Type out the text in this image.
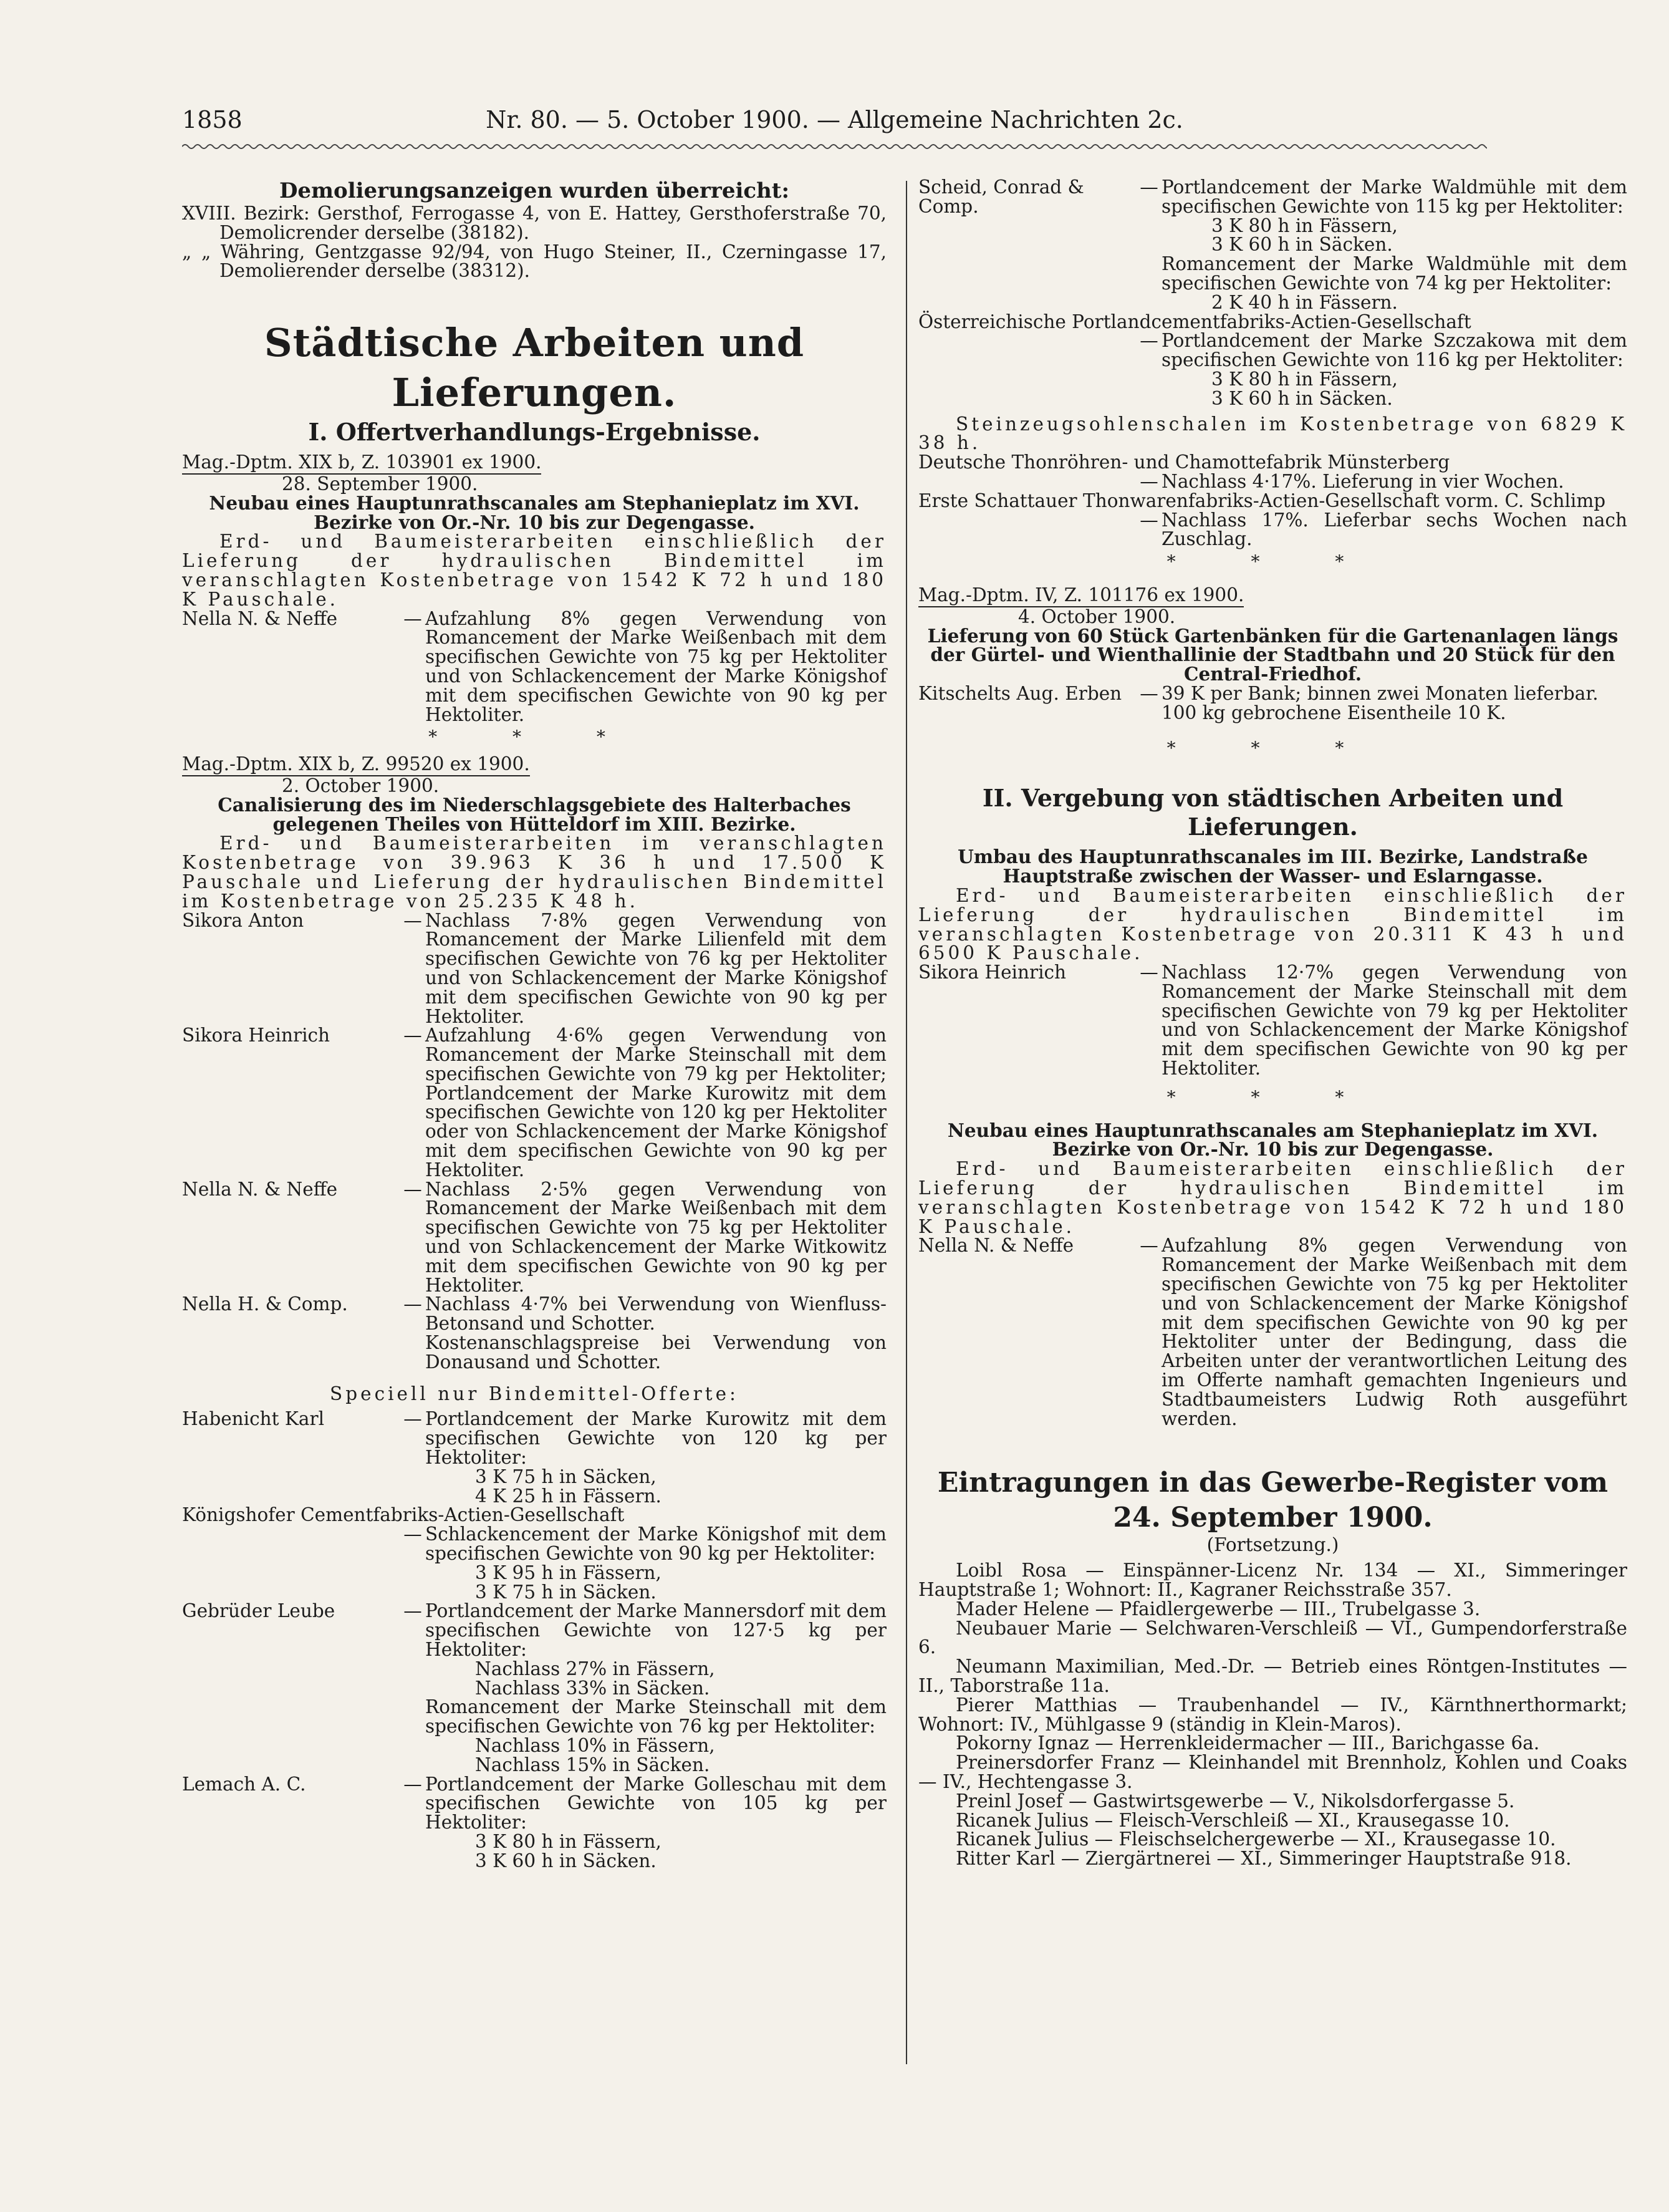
1858	Nr. 80. — 5. October 1900. — Allgemeine Nachrichten 2c.

Demolierungsanzeigen wurden überreicht:

XVIII. Bezirk: Gersthof, Ferrogasse 4, von E. Hattey, Gersthoferstraße 70, Demolicrender derselbe (38182).

„ „ Währing, Gentzgasse 92/94, von Hugo Steiner, II., Czerningasse 17, Demolierender derselbe (38312).

Städtische Arbeiten und Lieferungen.

I. Offertverhandlungs-Ergebnisse.

Mag.-Dptm. XIX b, Z. 103901 ex 1900.

28. September 1900.

Neubau eines Hauptunrathscanales am Stephanieplatz im XVI. Bezirke von Or.-Nr. 10 bis zur Degengasse.

Erd- und Baumeisterarbeiten einschließlich der Lieferung der hydraulischen Bindemittel im veranschlagten Kostenbetrage von 1542 K 72 h und 180 K Pauschale.

Nella N. & Neffe	— Aufzahlung 8% gegen Verwendung von Romancement der Marke Weißenbach mit dem specifischen Gewichte von 75 kg per Hektoliter und von Schlackencement der Marke Königshof mit dem specifischen Gewichte von 90 kg per Hektoliter.

* * *

Mag.-Dptm. XIX b, Z. 99520 ex 1900.

2. October 1900.

Canalisierung des im Niederschlagsgebiete des Halterbaches gelegenen Theiles von Hütteldorf im XIII. Bezirke.

Erd- und Baumeisterarbeiten im veranschlagten Kostenbetrage von 39.963 K 36 h und 17.500 K Pauschale und Lieferung der hydraulischen Bindemittel im Kostenbetrage von 25.235 K 48 h.

Sikora Anton	— Nachlass 7·8% gegen Verwendung von Romancement der Marke Lilienfeld mit dem specifischen Gewichte von 76 kg per Hektoliter und von Schlackencement der Marke Königshof mit dem specifischen Gewichte von 90 kg per Hektoliter.
Sikora Heinrich	— Aufzahlung 4·6% gegen Verwendung von Romancement der Marke Steinschall mit dem specifischen Gewichte von 79 kg per Hektoliter; Portlandcement der Marke Kurowitz mit dem specifischen Gewichte von 120 kg per Hektoliter oder von Schlackencement der Marke Königshof mit dem specifischen Gewichte von 90 kg per Hektoliter.
Nella N. & Neffe	— Nachlass 2·5% gegen Verwendung von Romancement der Marke Weißenbach mit dem specifischen Gewichte von 75 kg per Hektoliter und von Schlackencement der Marke Witkowitz mit dem specifischen Gewichte von 90 kg per Hektoliter.
Nella H. & Comp.	— Nachlass 4·7% bei Verwendung von Wienfluss-Betonsand und Schotter.

Kostenanschlagspreise bei Verwendung von Donausand und Schotter.

Speciell nur Bindemittel-Offerte:

Habenicht Karl	— Portlandcement der Marke Kurowitz mit dem specifischen Gewichte von 120 kg per Hektoliter:

3 K 75 h in Säcken,

4 K 25 h in Fässern.

Königshofer Cementfabriks-Actien-Gesellschaft

— Schlackencement der Marke Königshof mit dem specifischen Gewichte von 90 kg per Hektoliter:

3 K 95 h in Fässern,

3 K 75 h in Säcken.

Gebrüder Leube	— Portlandcement der Marke Mannersdorf mit dem specifischen Gewichte von 127·5 kg per Hektoliter:

Nachlass 27% in Fässern,

Nachlass 33% in Säcken.

Romancement der Marke Steinschall mit dem specifischen Gewichte von 76 kg per Hektoliter:

Nachlass 10% in Fässern,

Nachlass 15% in Säcken.

Lemach A. C.	— Portlandcement der Marke Golleschau mit dem specifischen Gewichte von 105 kg per Hektoliter:

3 K 80 h in Fässern,

3 K 60 h in Säcken.

Scheid, Conrad & Comp.
— Portlandcement der Marke Waldmühle mit dem specifischen Gewichte von 115 kg per Hektoliter:

3 K 80 h in Fässern,

3 K 60 h in Säcken.

Romancement der Marke Waldmühle mit dem specifischen Gewichte von 74 kg per Hektoliter:

2 K 40 h in Fässern.

Österreichische Portlandcementfabriks-Actien-Gesellschaft

— Portlandcement der Marke Szczakowa mit dem specifischen Gewichte von 116 kg per Hektoliter:

3 K 80 h in Fässern,

3 K 60 h in Säcken.

Steinzeugsohlenschalen im Kostenbetrage von 6829 K 38 h.

Deutsche Thonröhren- und Chamottefabrik Münsterberg

— Nachlass 4·17%. Lieferung in vier Wochen.

Erste Schattauer Thonwarenfabriks-Actien-Gesellschaft vorm. C. Schlimp

— Nachlass 17%. Lieferbar sechs Wochen nach Zuschlag.

* * *

Mag.-Dptm. IV, Z. 101176 ex 1900.

4. October 1900.

Lieferung von 60 Stück Gartenbänken für die Gartenanlagen längs der Gürtel- und Wienthallinie der Stadtbahn und 20 Stück für den Central-Friedhof.

Kitschelts Aug. Erben — 39 K per Bank; binnen zwei Monaten lieferbar.

100 kg gebrochene Eisentheile 10 K.

* * *

II. Vergebung von städtischen Arbeiten und Lieferungen.

Umbau des Hauptunrathscanales im III. Bezirke, Landstraße Hauptstraße zwischen der Wasser- und Eslarngasse.

Erd- und Baumeisterarbeiten einschließlich der Lieferung der hydraulischen Bindemittel im veranschlagten Kostenbetrage von 20.311 K 43 h und 6500 K Pauschale.

Sikora Heinrich	— Nachlass 12·7% gegen Verwendung von Romancement der Marke Steinschall mit dem specifischen Gewichte von 79 kg per Hektoliter und von Schlackencement der Marke Königshof mit dem specifischen Gewichte von 90 kg per Hektoliter.

* * *

Neubau eines Hauptunrathscanales am Stephanieplatz im XVI. Bezirke von Or.-Nr. 10 bis zur Degengasse.

Erd- und Baumeisterarbeiten einschließlich der Lieferung der hydraulischen Bindemittel im veranschlagten Kostenbetrage von 1542 K 72 h und 180 K Pauschale.

Nella N. & Neffe	— Aufzahlung 8% gegen Verwendung von Romancement der Marke Weißenbach mit dem specifischen Gewichte von 75 kg per Hektoliter und von Schlackencement der Marke Königshof mit dem specifischen Gewichte von 90 kg per Hektoliter unter der Bedingung, dass die Arbeiten unter der verantwortlichen Leitung des im Offerte namhaft gemachten Ingenieurs und Stadtbaumeisters Ludwig Roth ausgeführt werden.

Eintragungen in das Gewerbe-Register vom 24. September 1900.

(Fortsetzung.)

Loibl Rosa — Einspänner-Licenz Nr. 134 — XI., Simmeringer Hauptstraße 1; Wohnort: II., Kagraner Reichsstraße 357.

Mader Helene — Pfaidlergewerbe — III., Trubelgasse 3.

Neubauer Marie — Selchwaren-Verschleiß — VI., Gumpendorferstraße 6.

Neumann Maximilian, Med.-Dr. — Betrieb eines Röntgen-Institutes — II., Taborstraße 11a.

Pierer Matthias — Traubenhandel — IV., Kärnthnerthormarkt; Wohnort: IV., Mühlgasse 9 (ständig in Klein-Maros).

Pokorny Ignaz — Herrenkleidermacher — III., Barichgasse 6a.

Preinersdorfer Franz — Kleinhandel mit Brennholz, Kohlen und Coaks — IV., Hechtengasse 3.

Preinl Josef — Gastwirtsgewerbe — V., Nikolsdorfergasse 5.

Ricanek Julius — Fleisch-Verschleiß — XI., Krausegasse 10.

Ricanek Julius — Fleischselchergewerbe — XI., Krausegasse 10.

Ritter Karl — Ziergärtnerei — XI., Simmeringer Hauptstraße 918.
